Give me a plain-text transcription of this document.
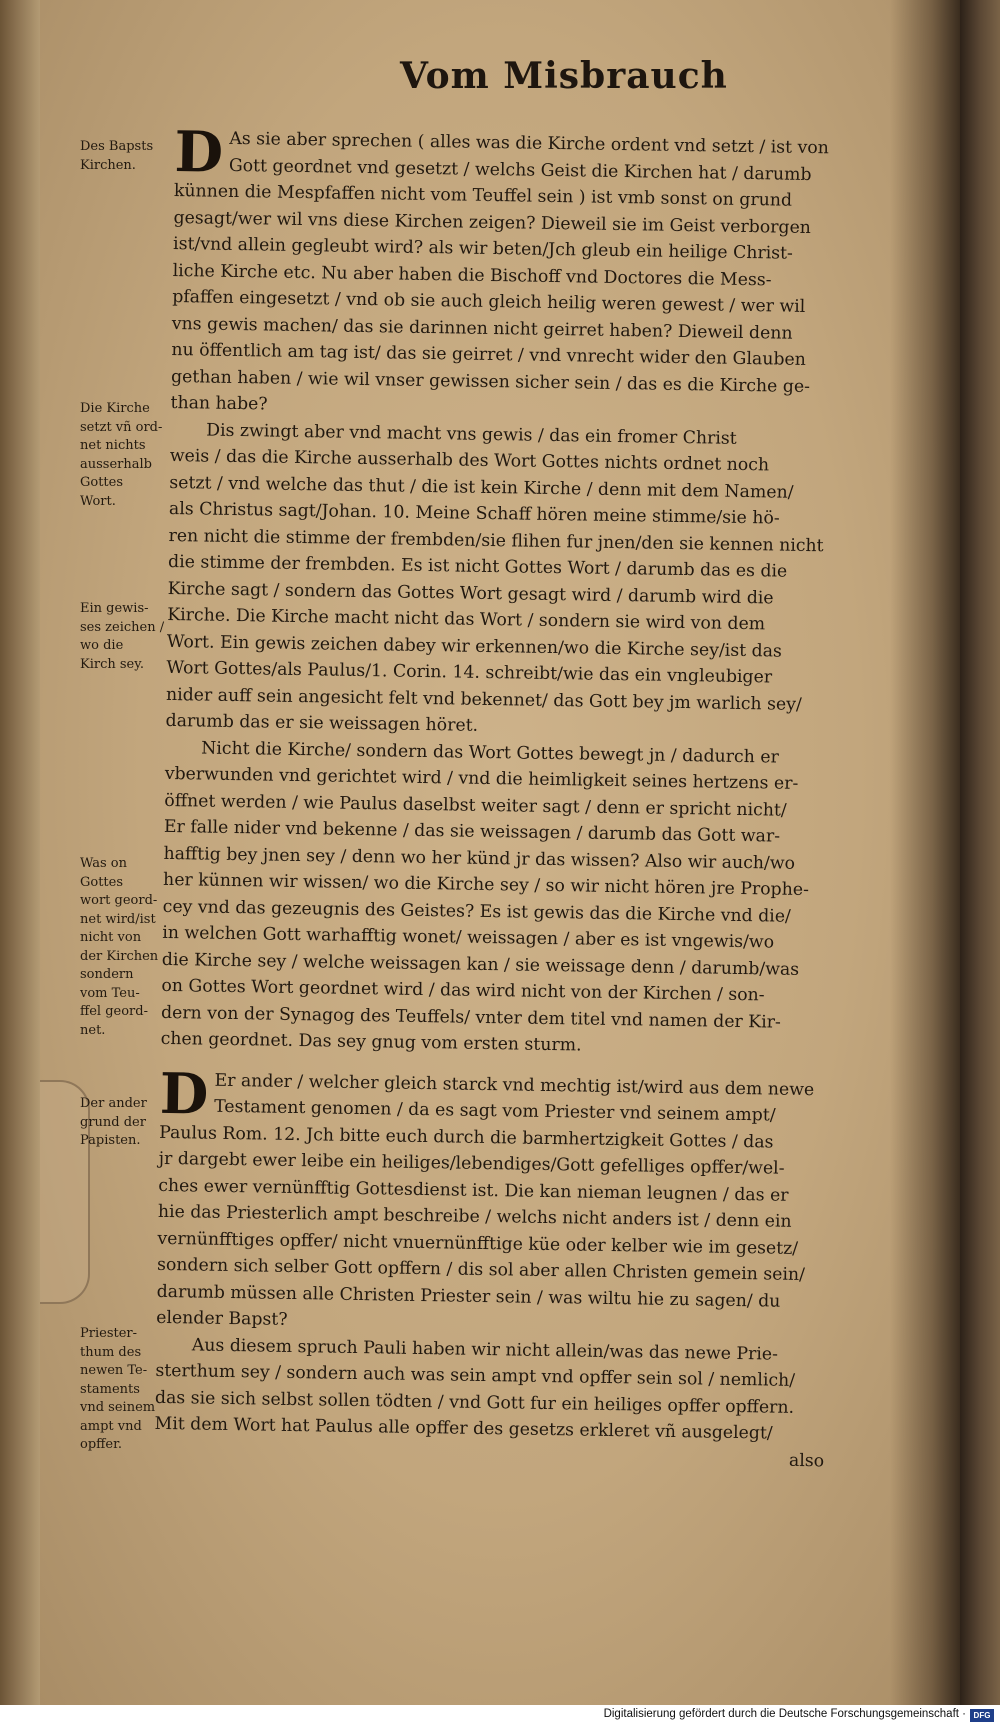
Vom Misbrauch
D As sie aber sprechen ( alles was die Kirche ordent vnd setzt / ist von
Gott geordnet vnd gesetzt / welchs Geist die Kirchen hat / darumb
künnen die Mespfaffen nicht vom Teuffel sein ) ist vmb sonst on grund
gesagt/wer wil vns diese Kirchen zeigen? Dieweil sie im Geist verborgen
ist/vnd allein gegleubt wird? als wir beten/Jch gleub ein heilige Christ-
liche Kirche etc. Nu aber haben die Bischoff vnd Doctores die Mess-
pfaffen eingesetzt / vnd ob sie auch gleich heilig weren gewest / wer wil
vns gewis machen/ das sie darinnen nicht geirret haben? Dieweil denn
nu öffentlich am tag ist/ das sie geirret / vnd vnrecht wider den Glauben
gethan haben / wie wil vnser gewissen sicher sein / das es die Kirche ge-
than habe?
Dis zwingt aber vnd macht vns gewis / das ein fromer Christ
weis / das die Kirche ausserhalb des Wort Gottes nichts ordnet noch
setzt / vnd welche das thut / die ist kein Kirche / denn mit dem Namen/
als Christus sagt/Johan. 10. Meine Schaff hören meine stimme/sie hö-
ren nicht die stimme der frembden/sie flihen fur jnen/den sie kennen nicht
die stimme der frembden. Es ist nicht Gottes Wort / darumb das es die
Kirche sagt / sondern das Gottes Wort gesagt wird / darumb wird die
Kirche. Die Kirche macht nicht das Wort / sondern sie wird von dem
Wort. Ein gewis zeichen dabey wir erkennen/wo die Kirche sey/ist das
Wort Gottes/als Paulus/1. Corin. 14. schreibt/wie das ein vngleubiger
nider auff sein angesicht felt vnd bekennet/ das Gott bey jm warlich sey/
darumb das er sie weissagen höret.
Nicht die Kirche/ sondern das Wort Gottes bewegt jn / dadurch er
vberwunden vnd gerichtet wird / vnd die heimligkeit seines hertzens er-
öffnet werden / wie Paulus daselbst weiter sagt / denn er spricht nicht/
Er falle nider vnd bekenne / das sie weissagen / darumb das Gott war-
hafftig bey jnen sey / denn wo her künd jr das wissen? Also wir auch/wo
her künnen wir wissen/ wo die Kirche sey / so wir nicht hören jre Prophe-
cey vnd das gezeugnis des Geistes? Es ist gewis das die Kirche vnd die/
in welchen Gott warhafftig wonet/ weissagen / aber es ist vngewis/wo
die Kirche sey / welche weissagen kan / sie weissage denn / darumb/was
on Gottes Wort geordnet wird / das wird nicht von der Kirchen / son-
dern von der Synagog des Teuffels/ vnter dem titel vnd namen der Kir-
chen geordnet. Das sey gnug vom ersten sturm.
D Er ander / welcher gleich starck vnd mechtig ist/wird aus dem newe
Testament genomen / da es sagt vom Priester vnd seinem ampt/
Paulus Rom. 12. Jch bitte euch durch die barmhertzigkeit Gottes / das
jr dargebt ewer leibe ein heiliges/lebendiges/Gott gefelliges opffer/wel-
ches ewer vernünfftig Gottesdienst ist. Die kan nieman leugnen / das er
hie das Priesterlich ampt beschreibe / welchs nicht anders ist / denn ein
vernünfftiges opffer/ nicht vnuernünfftige küe oder kelber wie im gesetz/
sondern sich selber Gott opffern / dis sol aber allen Christen gemein sein/
darumb müssen alle Christen Priester sein / was wiltu hie zu sagen/ du
elender Bapst?
Aus diesem spruch Pauli haben wir nicht allein/was das newe Prie-
sterthum sey / sondern auch was sein ampt vnd opffer sein sol / nemlich/
das sie sich selbst sollen tödten / vnd Gott fur ein heiliges opffer opffern.
Mit dem Wort hat Paulus alle opffer des gesetzs erkleret vñ ausgelegt/
also
Des Bapsts
Kirchen.
Die Kirche
setzt vñ ord-
net nichts
ausserhalb
Gottes
Wort.
Ein gewis-
ses zeichen /
wo die
Kirch sey.
Was on
Gottes
wort geord-
net wird/ist
nicht von
der Kirchen
sondern
vom Teu-
ffel geord-
net.
Der ander
grund der
Papisten.
Priester-
thum des
newen Te-
staments
vnd seinem
ampt vnd
opffer.
Digitalisierung gefördert durch die Deutsche Forschungsgemeinschaft · DFG
